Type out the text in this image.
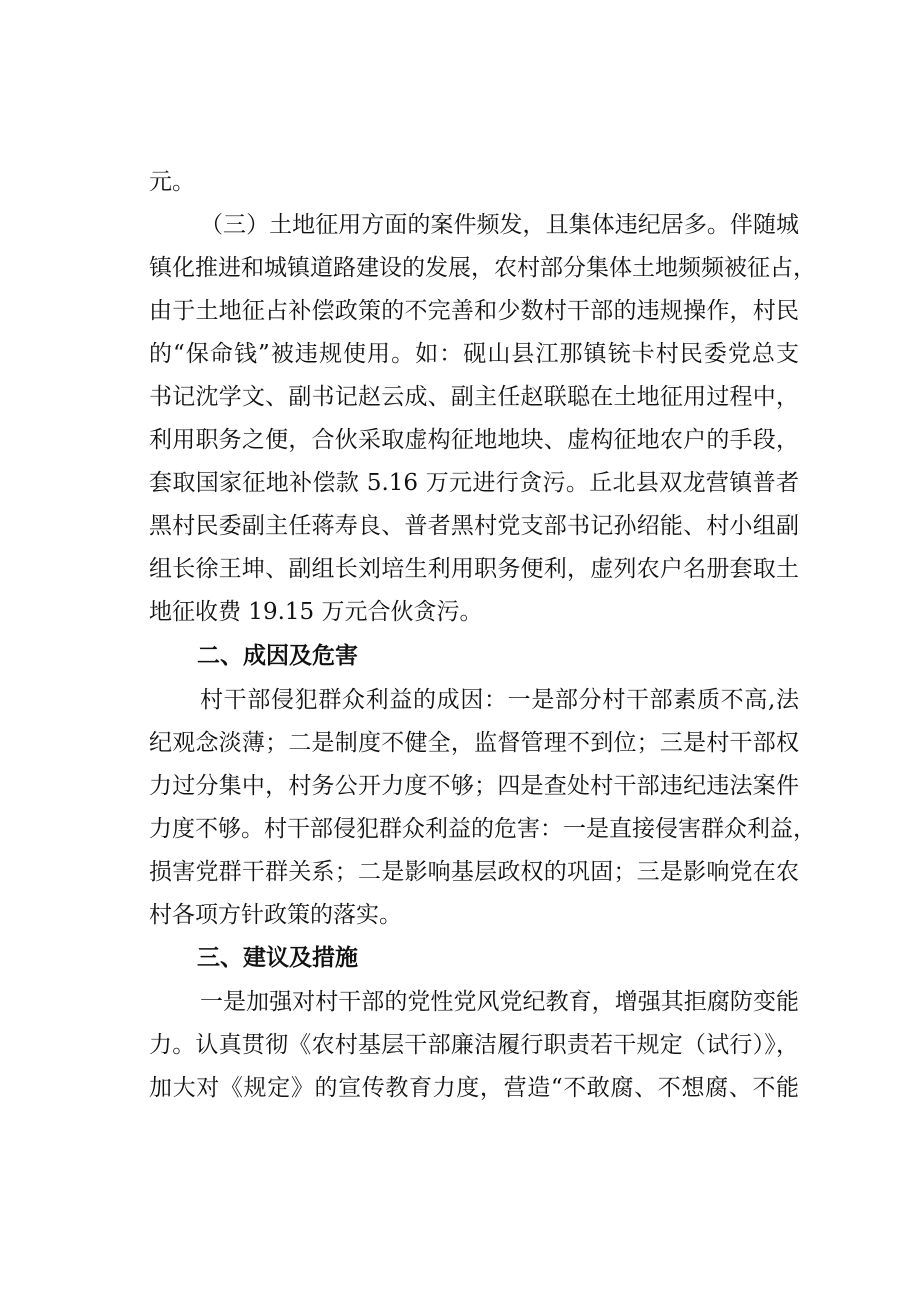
元。

（三）土地征用方面的案件频发，且集体违纪居多。伴随城

镇化推进和城镇道路建设的发展，农村部分集体土地频频被征占，

由于土地征占补偿政策的不完善和少数村干部的违规操作，村民

的“保命钱”被违规使用。如：砚山县江那镇铳卡村民委党总支

书记沈学文、副书记赵云成、副主任赵联聪在土地征用过程中，

利用职务之便，合伙采取虚构征地地块、虚构征地农户的手段，

套取国家征地补偿款 5.16 万元进行贪污。丘北县双龙营镇普者

黑村民委副主任蒋寿良、普者黑村党支部书记孙绍能、村小组副

组长徐王坤、副组长刘培生利用职务便利，虚列农户名册套取土

地征收费 19.15 万元合伙贪污。

二、成因及危害

村干部侵犯群众利益的成因：一是部分村干部素质不高,法

纪观念淡薄；二是制度不健全，监督管理不到位；三是村干部权

力过分集中，村务公开力度不够；四是查处村干部违纪违法案件

力度不够。村干部侵犯群众利益的危害：一是直接侵害群众利益，

损害党群干群关系；二是影响基层政权的巩固；三是影响党在农

村各项方针政策的落实。

三、建议及措施

一是加强对村干部的党性党风党纪教育，增强其拒腐防变能

力。认真贯彻《农村基层干部廉洁履行职责若干规定（试行）》，

加大对《规定》的宣传教育力度，营造“不敢腐、不想腐、不能
